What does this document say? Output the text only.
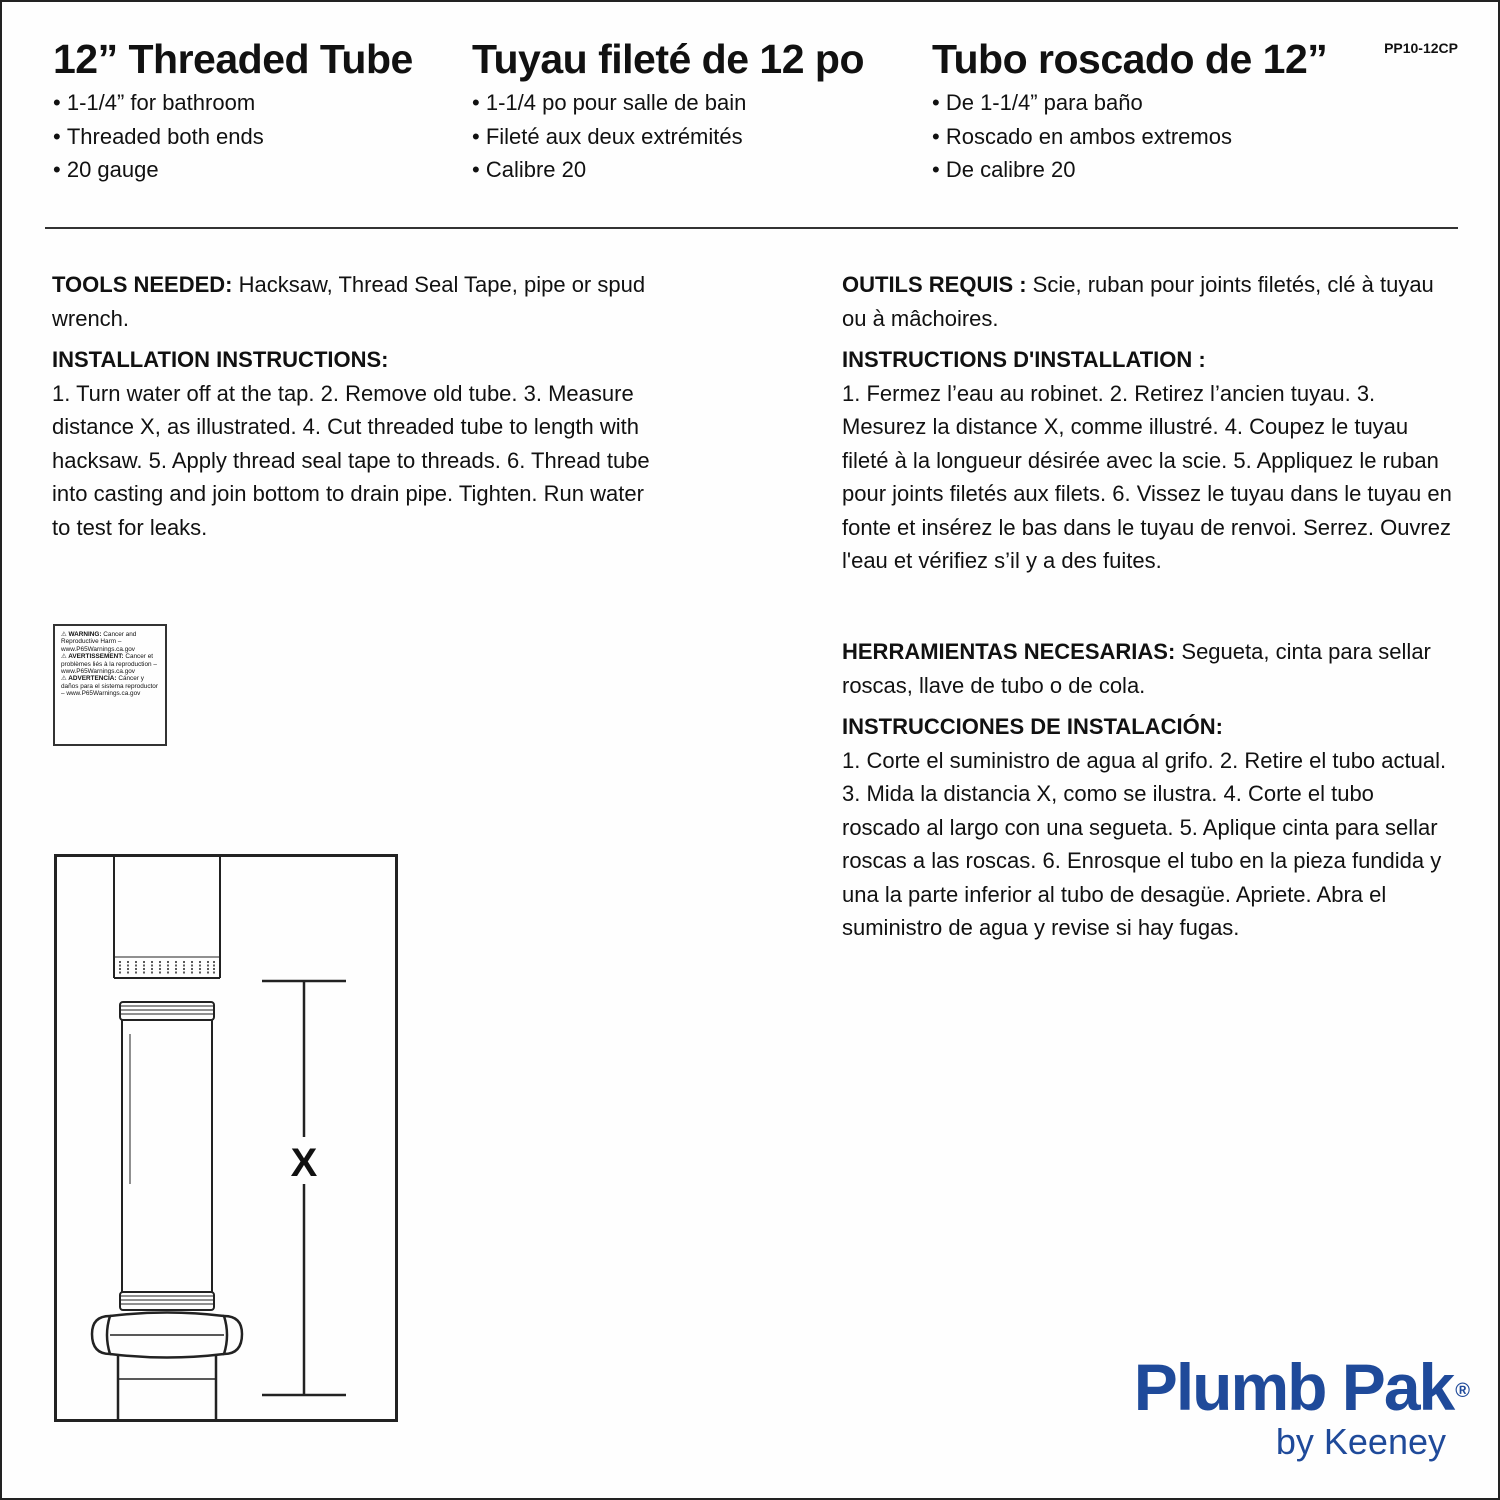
12” Threaded Tube
• 1-1/4” for bathroom
• Threaded both ends
• 20 gauge
Tuyau fileté de 12 po
• 1-1/4 po pour salle de bain
• Fileté aux deux extrémités
• Calibre 20
Tubo roscado de 12”
• De 1-1/4” para baño
• Roscado en ambos extremos
• De calibre 20
PP10-12CP

TOOLS NEEDED: Hacksaw, Thread Seal Tape, pipe or spud wrench.

INSTALLATION INSTRUCTIONS:

1. Turn water off at the tap. 2. Remove old tube. 3. Measure distance X, as illustrated. 4. Cut threaded tube to length with hacksaw. 5. Apply thread seal tape to threads. 6. Thread tube into casting and join bottom to drain pipe. Tighten. Run water to test for leaks.

OUTILS REQUIS : Scie, ruban pour joints filetés, clé à tuyau ou à mâchoires.

INSTRUCTIONS D'INSTALLATION :

1. Fermez l’eau au robinet. 2. Retirez l’ancien tuyau. 3. Mesurez la distance X, comme illustré. 4. Coupez le tuyau fileté à la longueur désirée avec la scie. 5. Appliquez le ruban pour joints filetés aux filets. 6. Vissez le tuyau dans le tuyau en fonte et insérez le bas dans le tuyau de renvoi. Serrez. Ouvrez l'eau et vérifiez s’il y a des fuites.

HERRAMIENTAS NECESARIAS: Segueta, cinta para sellar roscas, llave de tubo o de cola.

INSTRUCCIONES DE INSTALACIÓN:

1. Corte el suministro de agua al grifo. 2. Retire el tubo actual. 3. Mida la distancia X, como se ilustra. 4. Corte el tubo roscado al largo con una segueta. 5. Aplique cinta para sellar roscas a las roscas. 6. Enrosque el tubo en la pieza fundida y una la parte inferior al tubo de desagüe. Apriete. Abra el suministro de agua y revise si hay fugas.

⚠ WARNING: Cancer and Reproductive Harm – www.P65Warnings.ca.gov
⚠ AVERTISSEMENT: Cancer et problèmes liés à la reproduction – www.P65Warnings.ca.gov
⚠ ADVERTENCIA: Cáncer y daños para el sistema reproductor – www.P65Warnings.ca.gov
X
Plumb Pak ®
by Keeney
